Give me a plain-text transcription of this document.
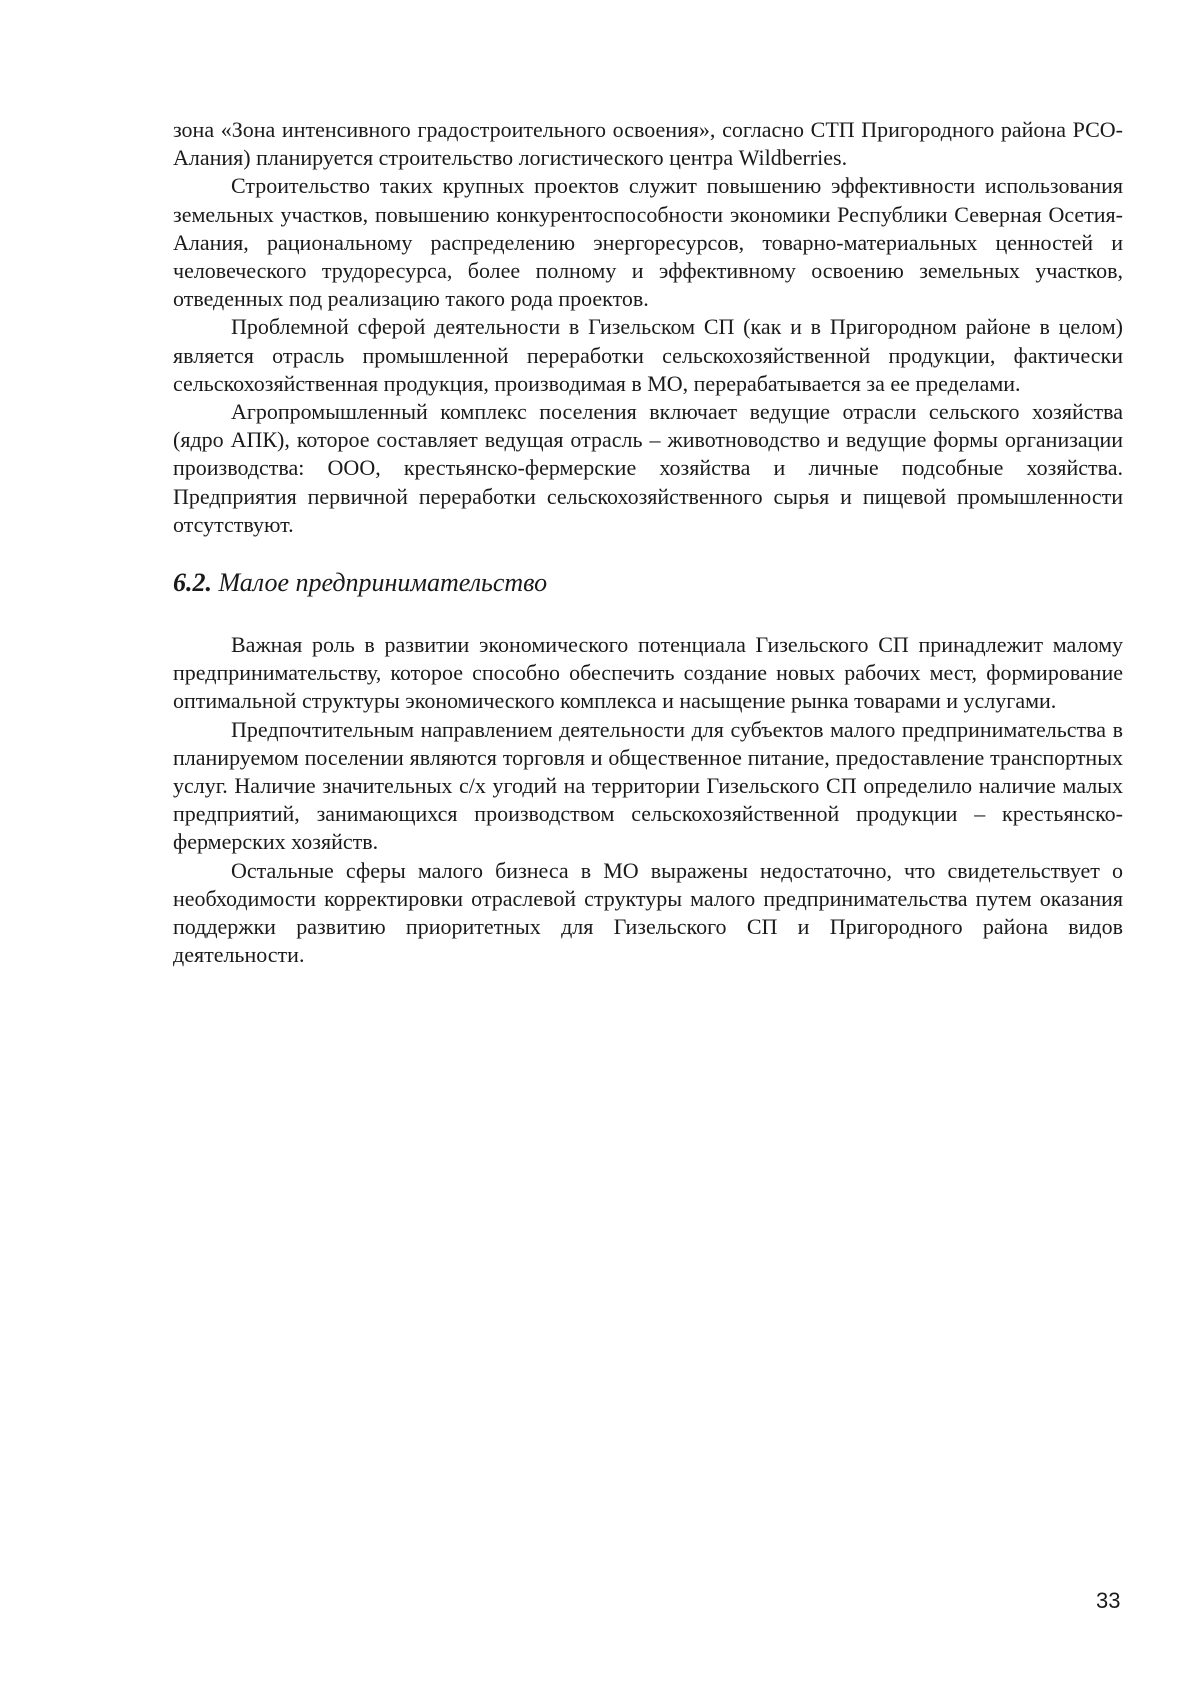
зона «Зона интенсивного градостроительного освоения», согласно СТП Пригородного района РСО-Алания) планируется строительство логистического центра Wildberries.

Строительство таких крупных проектов служит повышению эффективности использования земельных участков, повышению конкурентоспособности экономики Республики Северная Осетия-Алания, рациональному распределению энергоресурсов, товарно-материальных ценностей и человеческого трудоресурса, более полному и эффективному освоению земельных участков, отведенных под реализацию такого рода проектов.

Проблемной сферой деятельности в Гизельском СП (как и в Пригородном районе в целом) является отрасль промышленной переработки сельскохозяйственной продукции, фактически сельскохозяйственная продукция, производимая в МО, перерабатывается за ее пределами.

Агропромышленный комплекс поселения включает ведущие отрасли сельского хозяйства (ядро АПК), которое составляет ведущая отрасль – животноводство и ведущие формы организации производства: ООО, крестьянско-фермерские хозяйства и личные подсобные хозяйства. Предприятия первичной переработки сельскохозяйственного сырья и пищевой промышленности отсутствуют.

6.2. Малое предпринимательство

Важная роль в развитии экономического потенциала Гизельского СП принадлежит малому предпринимательству, которое способно обеспечить создание новых рабочих мест, формирование оптимальной структуры экономического комплекса и насыщение рынка товарами и услугами.

Предпочтительным направлением деятельности для субъектов малого предпринимательства в планируемом поселении являются торговля и общественное питание, предоставление транспортных услуг. Наличие значительных с/х угодий на территории Гизельского СП определило наличие малых предприятий, занимающихся производством сельскохозяйственной продукции – крестьянско-фермерских хозяйств.

Остальные сферы малого бизнеса в МО выражены недостаточно, что свидетельствует о необходимости корректировки отраслевой структуры малого предпринимательства путем оказания поддержки развитию приоритетных для Гизельского СП и Пригородного района видов деятельности.

33
